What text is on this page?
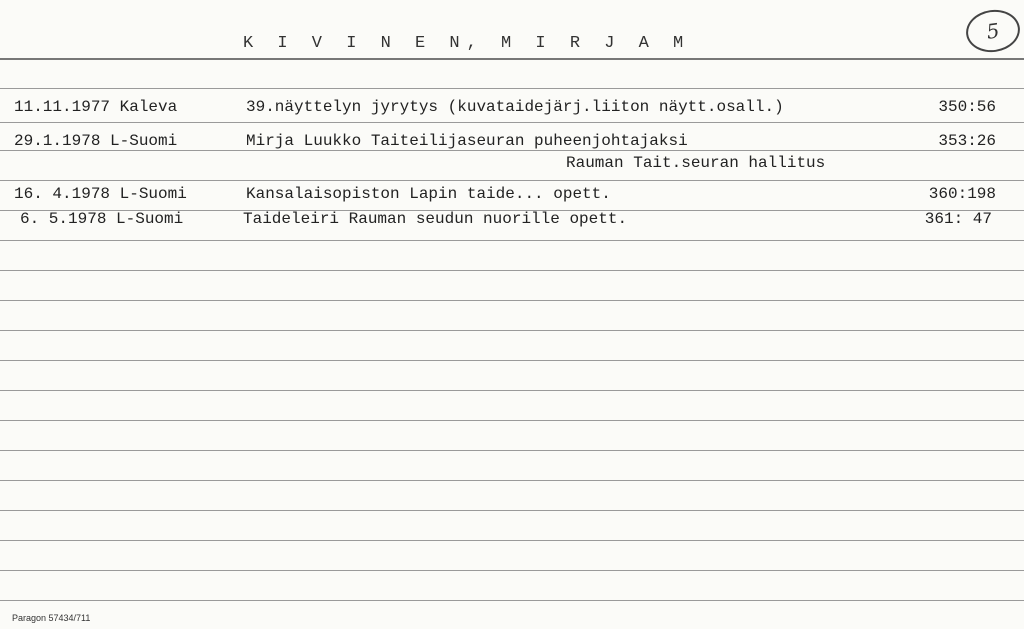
K I V I N E N, M I R J A M	5
11.11.1977 Kaleva	39.näyttelyn jyrytys (kuvataidejärj.liiton näytt.osall.)	350:56
29.1.1978 L-Suomi	Mirja Luukko Taiteilijaseuran puheenjohtajaksi	353:26
Rauman Tait.seuran hallitus
16. 4.1978 L-Suomi	Kansalaisopiston Lapin taide... opett.	360:198
6. 5.1978 L-Suomi	Taideleiri Rauman seudun nuorille opett.	361: 47
Paragon 57434/711
